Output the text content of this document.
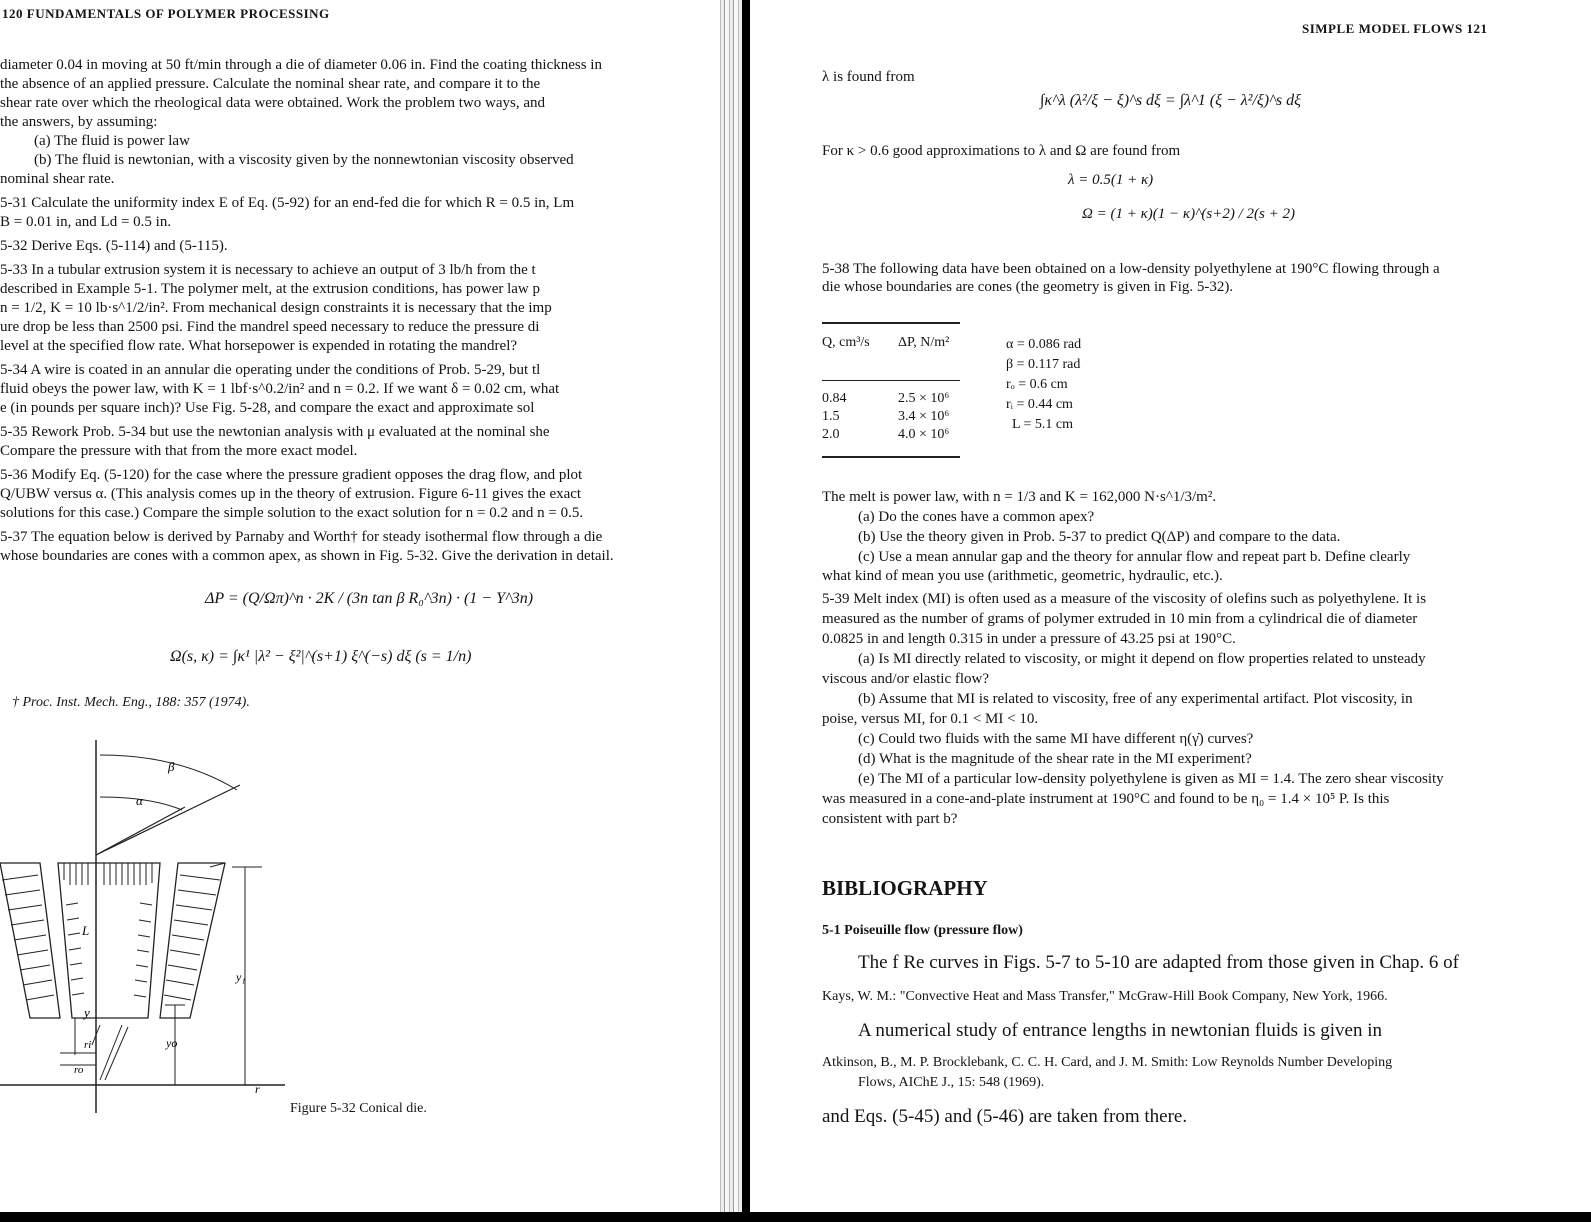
120 FUNDAMENTALS OF POLYMER PROCESSING
diameter 0.04 in moving at 50 ft/min through a die of diameter 0.06 in. Find the coating thickness in
the absence of an applied pressure. Calculate the nominal shear rate, and compare it to the
shear rate over which the rheological data were obtained. Work the problem two ways, and
the answers, by assuming:
(a) The fluid is power law
(b) The fluid is newtonian, with a viscosity given by the nonnewtonian viscosity observed
nominal shear rate.
5-31 Calculate the uniformity index E of Eq. (5-92) for an end-fed die for which R = 0.5 in, Lm
B = 0.01 in, and Ld = 0.5 in.
5-32 Derive Eqs. (5-114) and (5-115).
5-33 In a tubular extrusion system it is necessary to achieve an output of 3 lb/h from the t
described in Example 5-1. The polymer melt, at the extrusion conditions, has power law p
n = 1/2, K = 10 lb·s^1/2/in². From mechanical design constraints it is necessary that the imp
ure drop be less than 2500 psi. Find the mandrel speed necessary to reduce the pressure di
level at the specified flow rate. What horsepower is expended in rotating the mandrel?
5-34 A wire is coated in an annular die operating under the conditions of Prob. 5-29, but tl
fluid obeys the power law, with K = 1 lbf·s^0.2/in² and n = 0.2. If we want δ = 0.02 cm, what
e (in pounds per square inch)? Use Fig. 5-28, and compare the exact and approximate sol
5-35 Rework Prob. 5-34 but use the newtonian analysis with μ evaluated at the nominal she
Compare the pressure with that from the more exact model.
5-36 Modify Eq. (5-120) for the case where the pressure gradient opposes the drag flow, and plot
Q/UBW versus α. (This analysis comes up in the theory of extrusion. Figure 6-11 gives the exact
solutions for this case.) Compare the simple solution to the exact solution for n = 0.2 and n = 0.5.
5-37 The equation below is derived by Parnaby and Worth† for steady isothermal flow through a die
whose boundaries are cones with a common apex, as shown in Fig. 5-32. Give the derivation in detail.
ΔP = (Q/Ωπ)^n · 2K / (3n tan β R₀^3n) · (1 − Y^3n)
Ω(s, κ) = ∫κ¹ |λ² − ξ²|^(s+1) ξ^(−s) dξ (s = 1/n)
† Proc. Inst. Mech. Eng., 188: 357 (1974).
β
α
L
y
ri
ro
yo
y₁
r
Figure 5-32 Conical die.
SIMPLE MODEL FLOWS 121
λ is found from
∫κ^λ (λ²/ξ − ξ)^s dξ = ∫λ^1 (ξ − λ²/ξ)^s dξ
For κ > 0.6 good approximations to λ and Ω are found from
λ = 0.5(1 + κ)
Ω = (1 + κ)(1 − κ)^(s+2) / 2(s + 2)
5-38 The following data have been obtained on a low-density polyethylene at 190°C flowing through a
die whose boundaries are cones (the geometry is given in Fig. 5-32).
Q, cm³/s	ΔP, N/m²
0.84	2.5 × 10⁶
1.5	3.4 × 10⁶
2.0	4.0 × 10⁶
α = 0.086 rad
β = 0.117 rad
rₒ = 0.6 cm
rᵢ = 0.44 cm
L = 5.1 cm
The melt is power law, with n = 1/3 and K = 162,000 N·s^1/3/m².
(a) Do the cones have a common apex?
(b) Use the theory given in Prob. 5-37 to predict Q(ΔP) and compare to the data.
(c) Use a mean annular gap and the theory for annular flow and repeat part b. Define clearly
what kind of mean you use (arithmetic, geometric, hydraulic, etc.).
5-39 Melt index (MI) is often used as a measure of the viscosity of olefins such as polyethylene. It is
measured as the number of grams of polymer extruded in 10 min from a cylindrical die of diameter
0.0825 in and length 0.315 in under a pressure of 43.25 psi at 190°C.
(a) Is MI directly related to viscosity, or might it depend on flow properties related to unsteady
viscous and/or elastic flow?
(b) Assume that MI is related to viscosity, free of any experimental artifact. Plot viscosity, in
poise, versus MI, for 0.1 < MI < 10.
(c) Could two fluids with the same MI have different η(γ̇) curves?
(d) What is the magnitude of the shear rate in the MI experiment?
(e) The MI of a particular low-density polyethylene is given as MI = 1.4. The zero shear viscosity
was measured in a cone-and-plate instrument at 190°C and found to be η₀ = 1.4 × 10⁵ P. Is this
consistent with part b?
BIBLIOGRAPHY
5-1 Poiseuille flow (pressure flow)
The f Re curves in Figs. 5-7 to 5-10 are adapted from those given in Chap. 6 of
Kays, W. M.: "Convective Heat and Mass Transfer," McGraw-Hill Book Company, New York, 1966.
A numerical study of entrance lengths in newtonian fluids is given in
Atkinson, B., M. P. Brocklebank, C. C. H. Card, and J. M. Smith: Low Reynolds Number Developing
Flows, AIChE J., 15: 548 (1969).
and Eqs. (5-45) and (5-46) are taken from there.
